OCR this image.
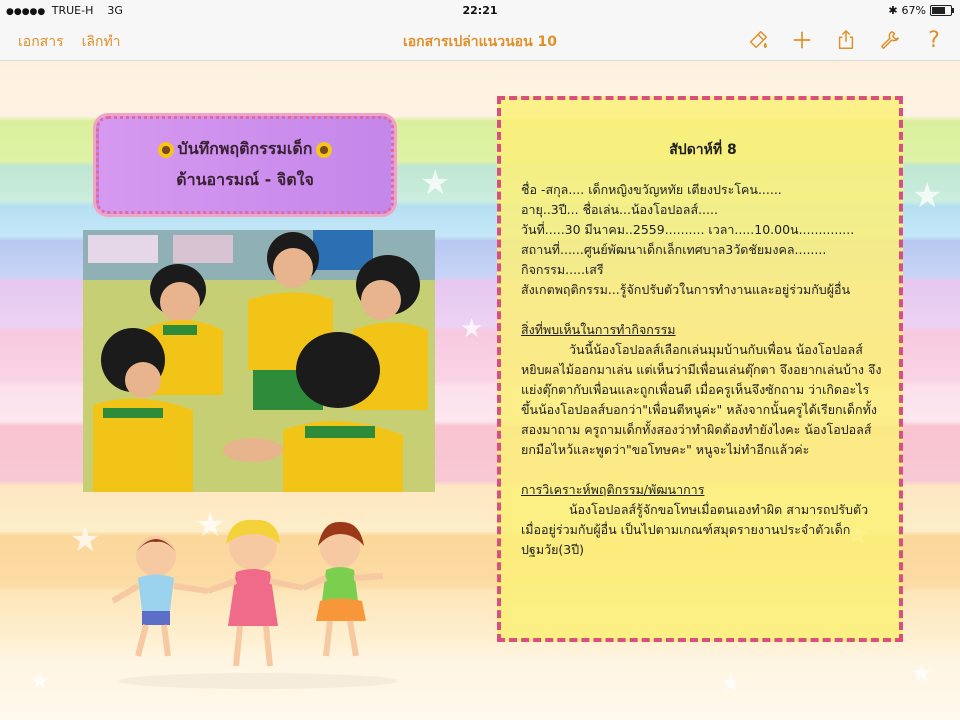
●●●●● TRUE-H 3G	22:21	✱ 67%
เอกสาร เลิกทำ	เอกสารเปล่าแนวนอน 10	?
★
★	★
★
★
★
★
★
บันทึกพฤติกรรมเด็ก
ด้านอารมณ์ - จิตใจ
สัปดาห์ที่ 8

ชื่อ -สกุล.... เด็กหญิงขวัญหทัย เตียงประโคน......

อายุ..3ปี... ชื่อเล่น...น้องโอปอลส์.....

วันที่.....30 มีนาคม..2559.......... เวลา.....10.00น..............

สถานที่......ศูนย์พัฒนาเด็กเล็กเทศบาล3วัดชัยมงคล........

กิจกรรม.....เสรี

สังเกตพฤติกรรม...รู้จักปรับตัวในการทำงานและอยู่ร่วมกับผู้อื่น

สิ่งที่พบเห็นในการทำกิจกรรม

วันนี้น้องโอปอลส์เลือกเล่นมุมบ้านกับเพื่อน น้องโอปอลส์หยิบผลไม้ออกมาเล่น แต่เห็นว่ามีเพื่อนเล่นตุ๊กตา จึงอยากเล่นบ้าง จึงแย่งตุ๊กตากับเพื่อนและถูกเพื่อนตี เมื่อครูเห็นจึงซักถาม ว่าเกิดอะไรขึ้นน้องโอปอลส์บอกว่า"เพื่อนตีหนูค่ะ" หลังจากนั้นครูได้เรียกเด็กทั้งสองมาถาม ครูถามเด็กทั้งสองว่าทำผิดต้องทำยังไงคะ น้องโอปอลส์ยกมือไหว้และพูดว่า"ขอโทษคะ" หนูจะไม่ทำอีกแล้วค่ะ

การวิเคราะห์พฤติกรรม/พัฒนาการ

น้องโอปอลส์รู้จักขอโทษเมื่อตนเองทำผิด สามารถปรับตัวเมื่ออยู่ร่วมกับผู้อื่น เป็นไปตามเกณฑ์สมุดรายงานประจำตัวเด็กปฐมวัย(3ปี)
